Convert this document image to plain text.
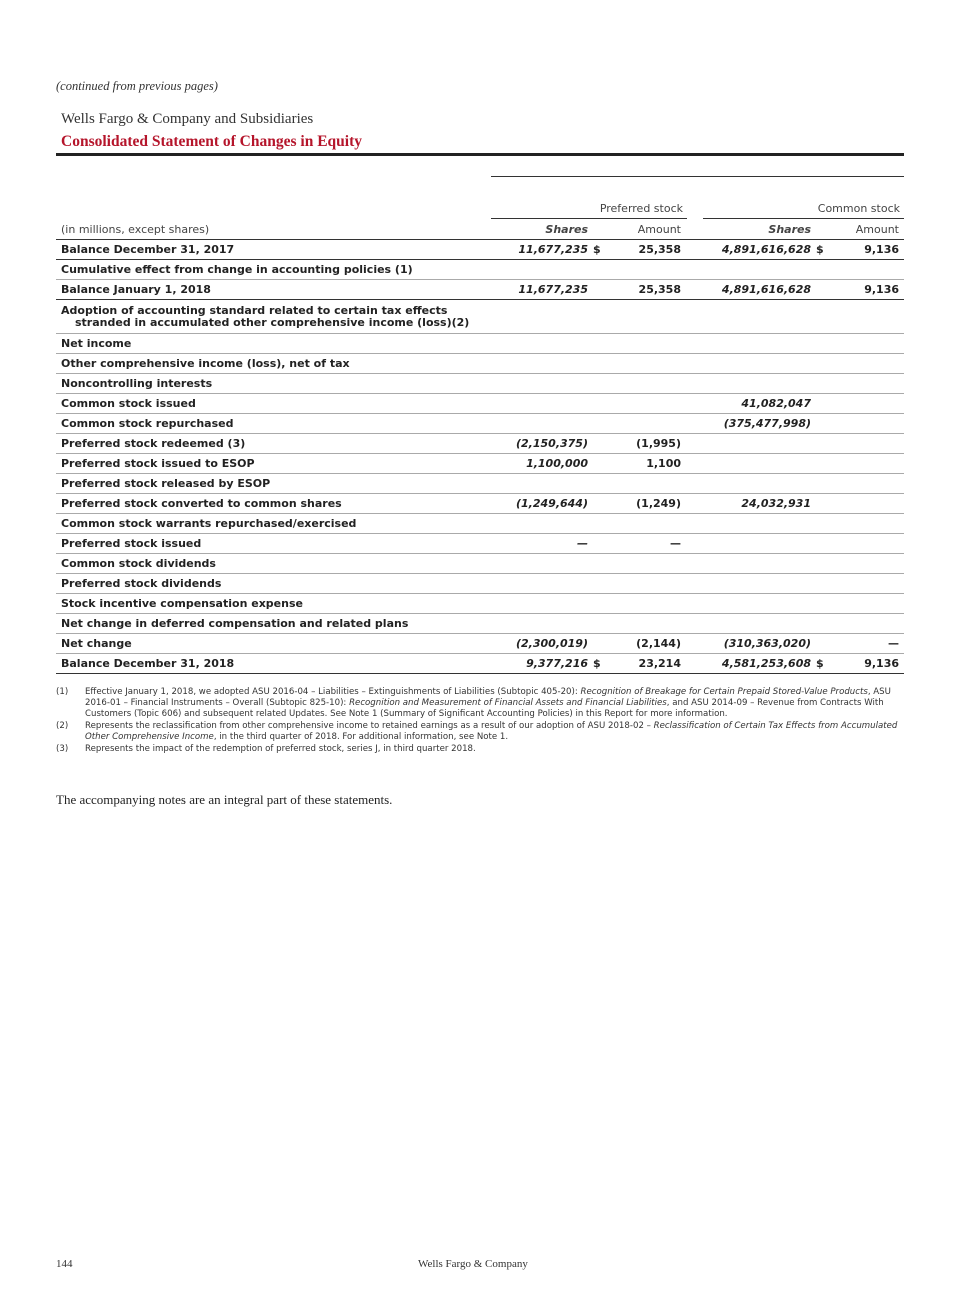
(continued from previous pages)
Wells Fargo & Company and Subsidiaries
Consolidated Statement of Changes in Equity
Preferred stock	Common stock
(in millions, except shares)	Shares		Amount		Shares		Amount
Balance December 31, 2017	11,677,235	$	25,358		4,891,616,628	$	9,136
Cumulative effect from change in accounting policies (1)							
Balance January 1, 2018	11,677,235		25,358		4,891,616,628		9,136
Adoption of accounting standard related to certain tax effects
stranded in accumulated other comprehensive income (loss)(2)							
Net income							
Other comprehensive income (loss), net of tax							
Noncontrolling interests							
Common stock issued					41,082,047		
Common stock repurchased					(375,477,998)		
Preferred stock redeemed (3)	(2,150,375)		(1,995)				
Preferred stock issued to ESOP	1,100,000		1,100				
Preferred stock released by ESOP							
Preferred stock converted to common shares	(1,249,644)		(1,249)		24,032,931		
Common stock warrants repurchased/exercised							
Preferred stock issued	—		—				
Common stock dividends							
Preferred stock dividends							
Stock incentive compensation expense							
Net change in deferred compensation and related plans							
Net change	(2,300,019)		(2,144)		(310,363,020)		—
Balance December 31, 2018	9,377,216	$	23,214		4,581,253,608	$	9,136
(1)	Effective January 1, 2018, we adopted ASU 2016-04 – Liabilities – Extinguishments of Liabilities (Subtopic 405-20): Recognition of Breakage for Certain Prepaid Stored-Value Products, ASU 2016-01 – Financial Instruments – Overall (Subtopic 825-10): Recognition and Measurement of Financial Assets and Financial Liabilities, and ASU 2014-09 – Revenue from Contracts With Customers (Topic 606) and subsequent related Updates. See Note 1 (Summary of Significant Accounting Policies) in this Report for more information.
(2)	Represents the reclassification from other comprehensive income to retained earnings as a result of our adoption of ASU 2018-02 – Reclassification of Certain Tax Effects from Accumulated Other Comprehensive Income, in the third quarter of 2018. For additional information, see Note 1.
(3)	Represents the impact of the redemption of preferred stock, series J, in third quarter 2018.
The accompanying notes are an integral part of these statements.
144	Wells Fargo & Company
